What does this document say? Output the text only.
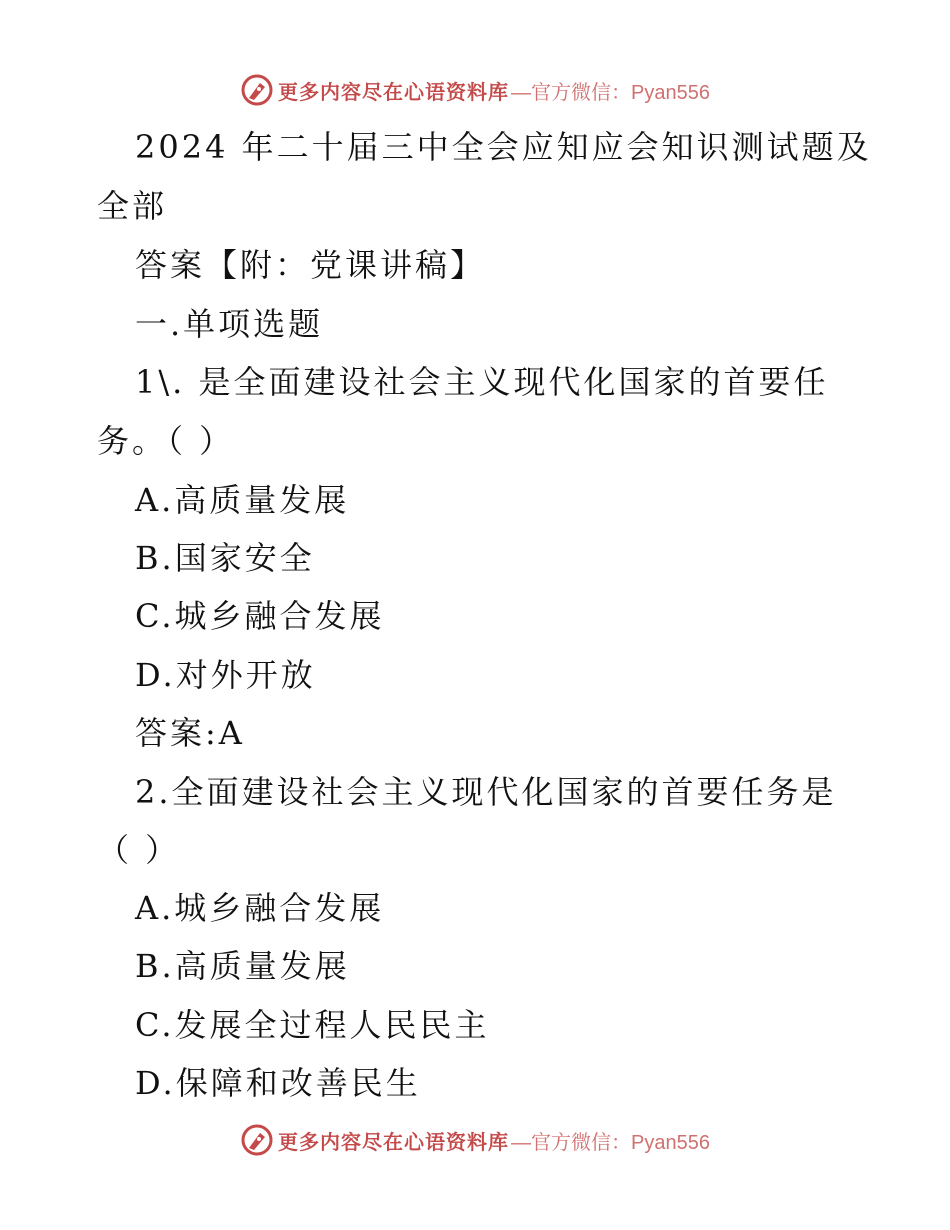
更多内容尽在心语资料库 —官方微信：Pyan556
2024 年二十届三中全会应知应会知识测试题及
全部
答案【附：党课讲稿】
一.单项选题
1\. 是全面建设社会主义现代化国家的首要任
务。（ ）
A.高质量发展
B.国家安全
C.城乡融合发展
D.对外开放
答案:A
2.全面建设社会主义现代化国家的首要任务是
（ ）
A.城乡融合发展
B.高质量发展
C.发展全过程人民民主
D.保障和改善民生
更多内容尽在心语资料库 —官方微信：Pyan556
